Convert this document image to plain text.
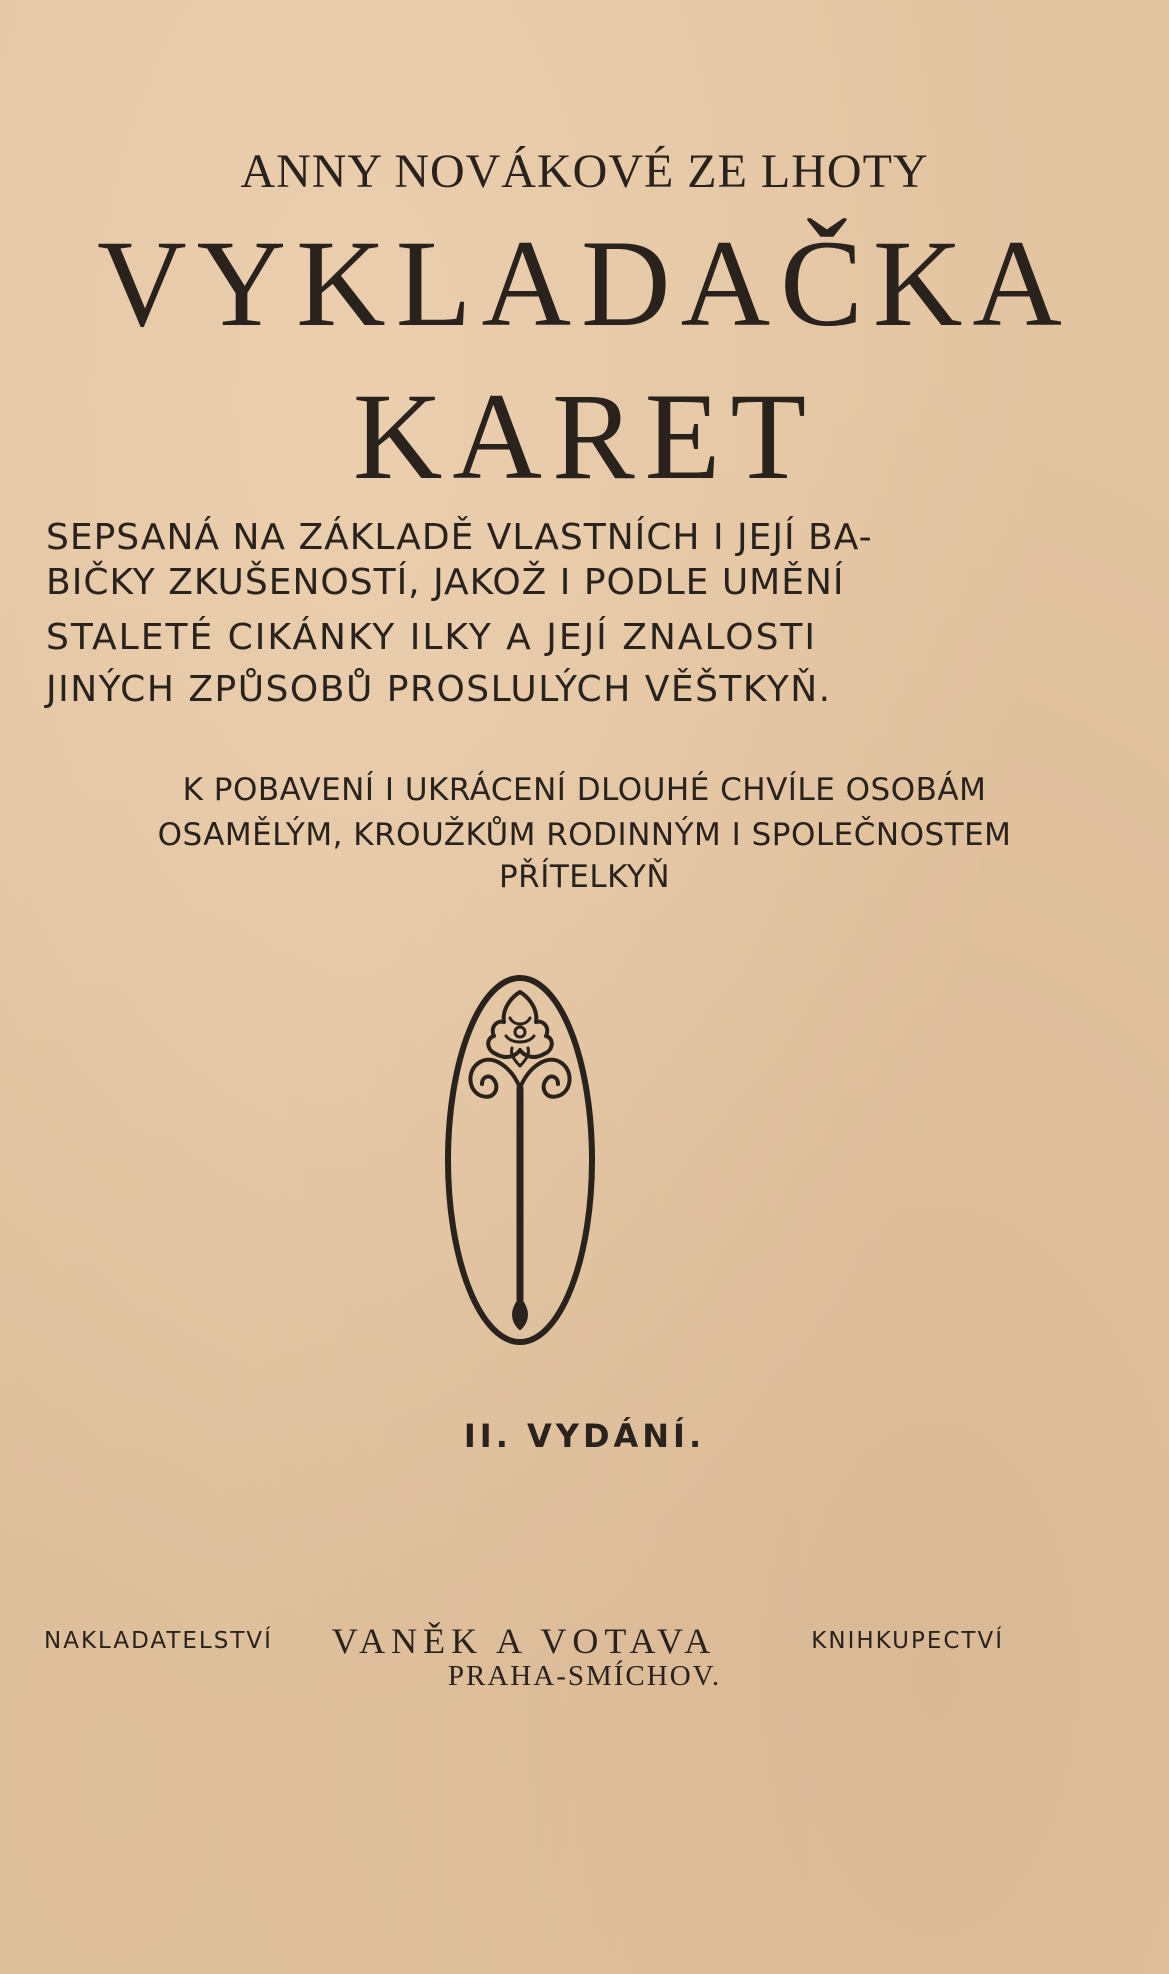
ANNY NOVÁKOVÉ ZE LHOTY
VYKLADAČKA
KARET
SEPSANÁ NA ZÁKLADĚ VLASTNÍCH I JEJÍ BA-
BIČKY ZKUŠENOSTÍ, JAKOŽ I PODLE UMĚNÍ
STALETÉ CIKÁNKY ILKY A JEJÍ ZNALOSTI
JINÝCH ZPŮSOBŮ PROSLULÝCH VĚŠTKYŇ.
K POBAVENÍ I UKRÁCENÍ DLOUHÉ CHVÍLE OSOBÁM
OSAMĚLÝM, KROUŽKŮM RODINNÝM I SPOLEČNOSTEM
PŘÍTELKYŇ
II. VYDÁNÍ.
NAKLADATELSTVÍ	VANĚK A VOTAVA	KNIHKUPECTVÍ
PRAHA-SMÍCHOV.
